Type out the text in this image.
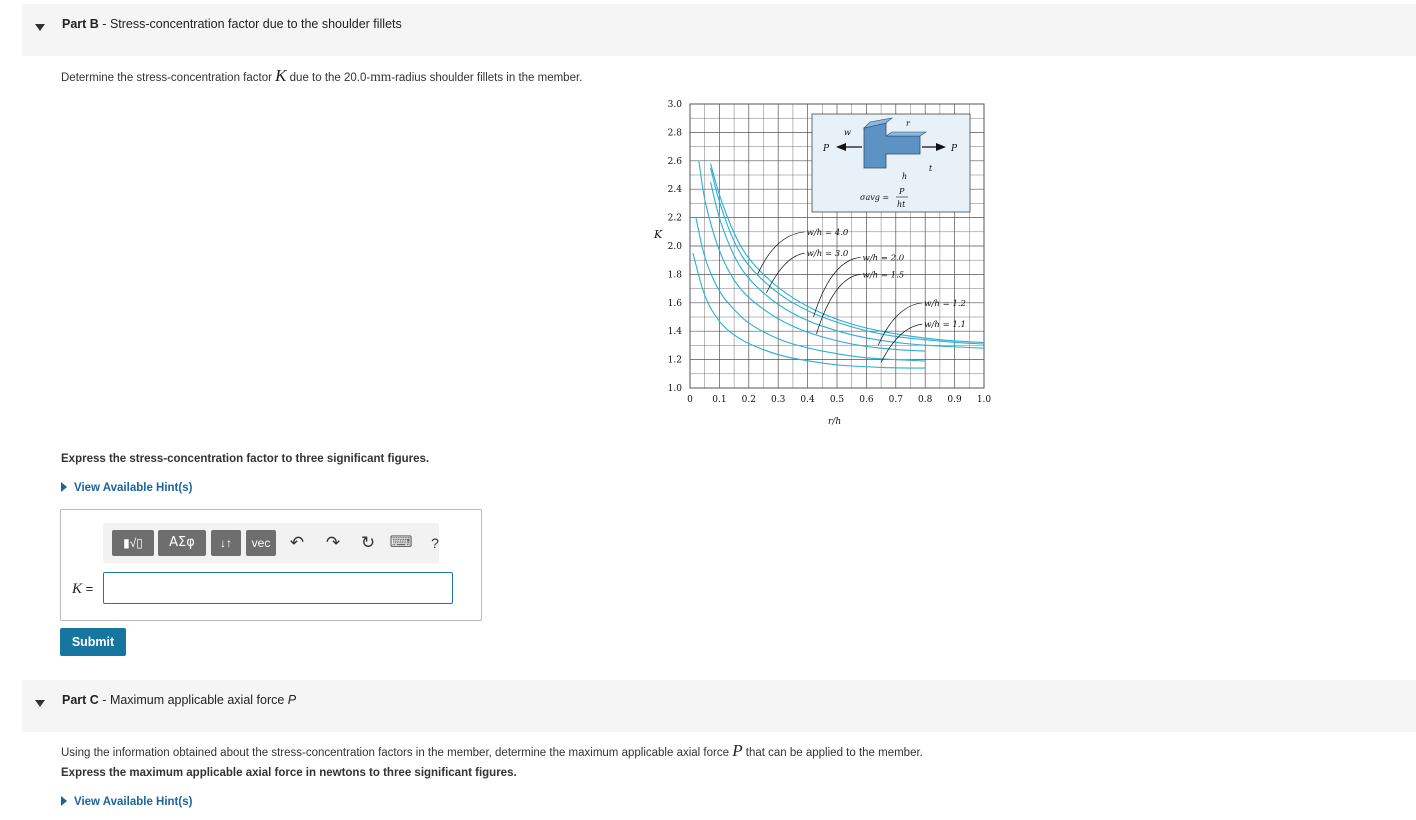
Part B - Stress-concentration factor due to the shoulder fillets
Determine the stress-concentration factor K due to the 20.0-mm-radius shoulder fillets in the member.
0 0.1 0.2 0.3 0.4 0.5 0.6 0.7 0.8 0.9 1.0
1.0
1.2
1.4
1.6
1.8
2.0
2.2
2.4
2.6
2.8
3.0
P	P
w
h
r
t
σavg =
P
ht
w/h = 4.0
w/h = 3.0 w/h = 2.0
w/h = 1.5
w/h = 1.2
w/h = 1.1
K
r/h
Express the stress-concentration factor to three significant figures.
View Available Hint(s)
▮√▯	ΑΣφ	↓↑	vec	↶ ↷ ↻ ⌨	?
K =
Submit
Part C - Maximum applicable axial force P
Using the information obtained about the stress-concentration factors in the member, determine the maximum applicable axial force P that can be applied to the member.
Express the maximum applicable axial force in newtons to three significant figures.
View Available Hint(s)
